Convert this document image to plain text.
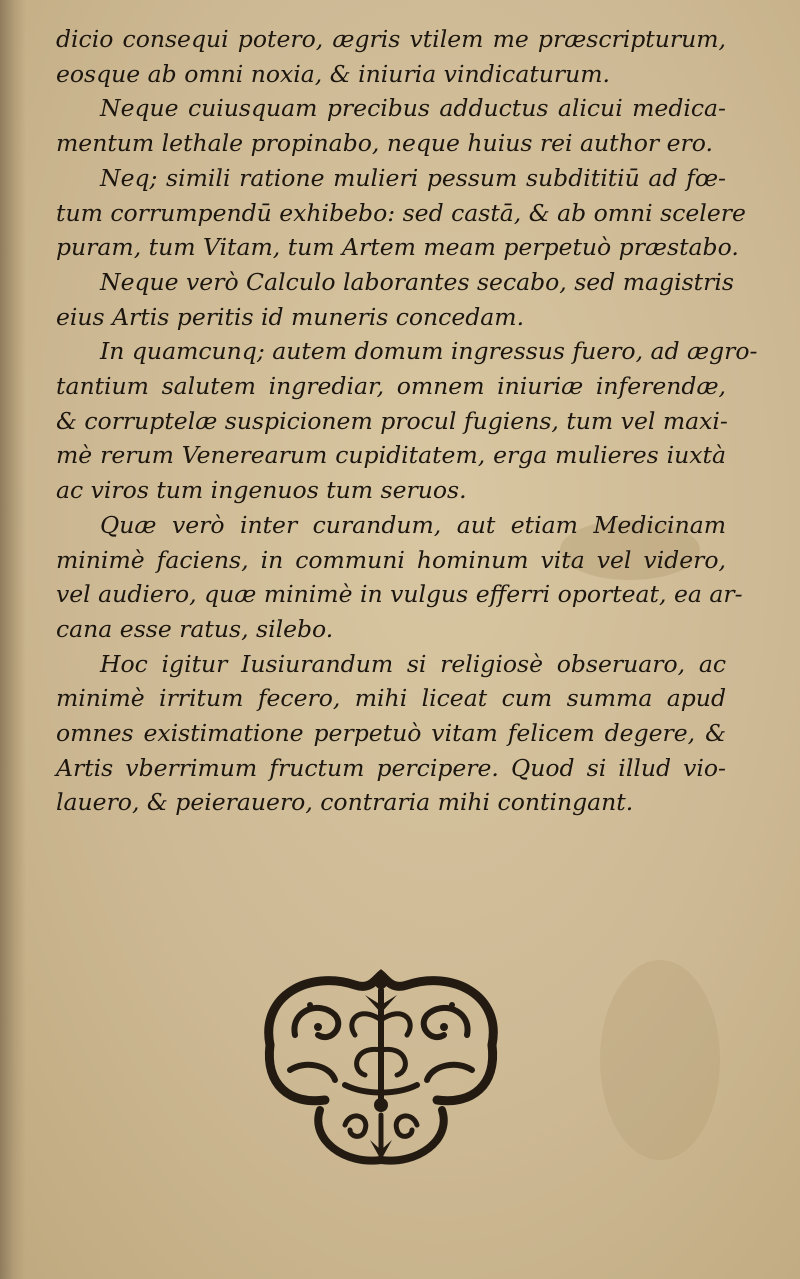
dicio consequi potero, ægris vtilem me præscripturum,
eosque ab omni noxia, & iniuria vindicaturum.
Neque cuiusquam precibus adductus alicui medica-
mentum lethale propinabo, neque huius rei author ero.
Neq; simili ratione mulieri pessum subdititiū ad fœ-
tum corrumpendū exhibebo: sed castā, & ab omni scelere
puram, tum Vitam, tum Artem meam perpetuò præstabo.
Neque verò Calculo laborantes secabo, sed magistris
eius Artis peritis id muneris concedam.
In quamcunq; autem domum ingressus fuero, ad ægro-
tantium salutem ingrediar, omnem iniuriæ inferendæ,
& corruptelæ suspicionem procul fugiens, tum vel maxi-
mè rerum Venerearum cupiditatem, erga mulieres iuxtà
ac viros tum ingenuos tum seruos.
Quæ verò inter curandum, aut etiam Medicinam
minimè faciens, in communi hominum vita vel videro,
vel audiero, quæ minimè in vulgus efferri oporteat, ea ar-
cana esse ratus, silebo.
Hoc igitur Iusiurandum si religiosè obseruaro, ac
minimè irritum fecero, mihi liceat cum summa apud
omnes existimatione perpetuò vitam felicem degere, &
Artis vberrimum fructum percipere. Quod si illud vio-
lauero, & peierauero, contraria mihi contingant.
